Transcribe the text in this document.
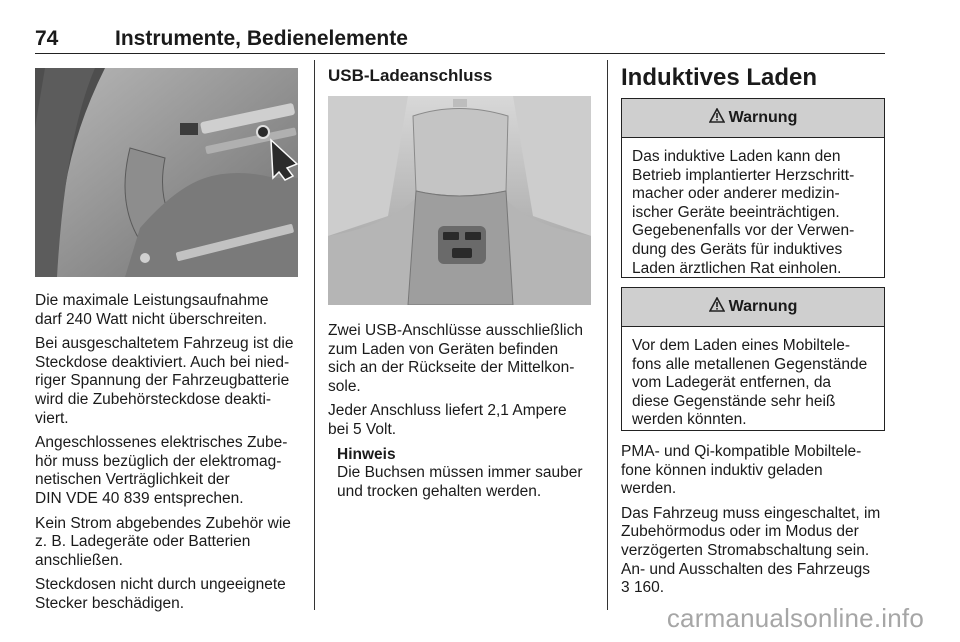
74	Instrumente, Bedienelemente

Die maximale Leistungsaufnahme
darf 240 Watt nicht überschreiten.

Bei ausgeschaltetem Fahrzeug ist die
Steckdose deaktiviert. Auch bei nied-
riger Spannung der Fahrzeugbatterie
wird die Zubehörsteckdose deakti-
viert.

Angeschlossenes elektrisches Zube-
hör muss bezüglich der elektromag-
netischen Verträglichkeit der
DIN VDE 40 839 entsprechen.

Kein Strom abgebendes Zubehör wie
z. B. Ladegeräte oder Batterien
anschließen.

Steckdosen nicht durch ungeeignete
Stecker beschädigen.

USB-Ladeanschluss

Zwei USB-Anschlüsse ausschließlich
zum Laden von Geräten befinden
sich an der Rückseite der Mittelkon-
sole.

Jeder Anschluss liefert 2,1 Ampere
bei 5 Volt.

Hinweis
Die Buchsen müssen immer sauber
und trocken gehalten werden.
Induktives Laden
Warnung
Das induktive Laden kann den
Betrieb implantierter Herzschritt-
macher oder anderer medizin-
ischer Geräte beeinträchtigen.
Gegebenenfalls vor der Verwen-
dung des Geräts für induktives
Laden ärztlichen Rat einholen.
Warnung
Vor dem Laden eines Mobiltele-
fons alle metallenen Gegenstände
vom Ladegerät entfernen, da
diese Gegenstände sehr heiß
werden könnten.

PMA- und Qi-kompatible Mobiltele-
fone können induktiv geladen
werden.

Das Fahrzeug muss eingeschaltet, im
Zubehörmodus oder im Modus der
verzögerten Stromabschaltung sein.
An- und Ausschalten des Fahrzeugs
3 160.

carmanualsonline.info
